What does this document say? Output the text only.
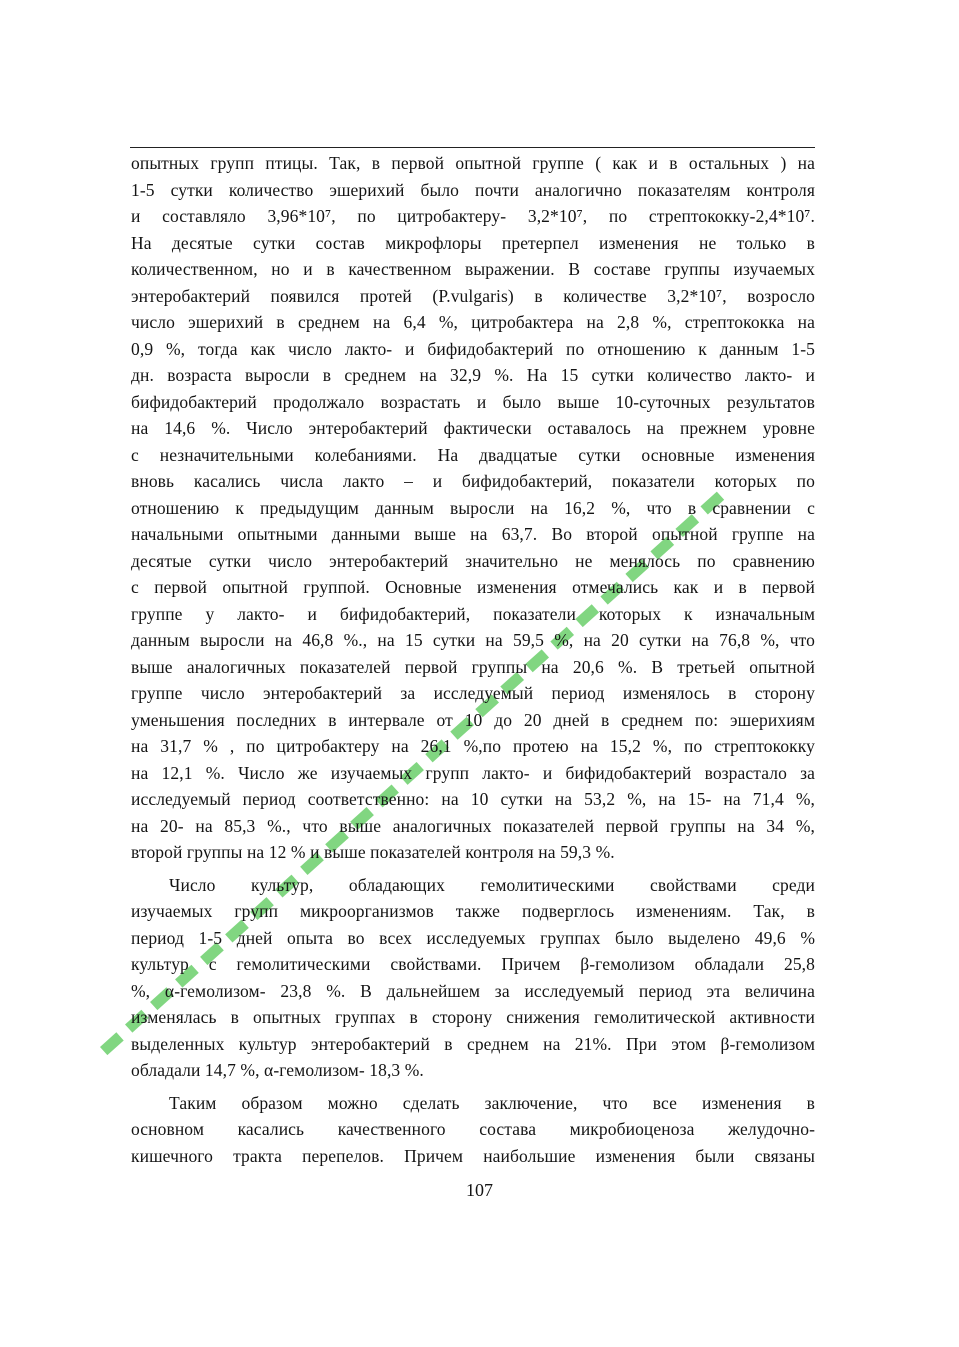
опытных групп птицы. Так, в первой опытной группе ( как и в остальных ) на
1-5 сутки количество эшерихий было почти аналогично показателям контроля
и составляло 3,96*10⁷, по цитробактеру- 3,2*10⁷, по стрептококку-2,4*10⁷.
На десятые сутки состав микрофлоры претерпел изменения не только в
количественном, но и в качественном выражении. В составе группы изучаемых
энтеробактерий появился протей (P.vulgaris) в количестве 3,2*10⁷, возросло
число эшерихий в среднем на 6,4 %, цитробактера на 2,8 %, стрептококка на
0,9 %, тогда как число лакто- и бифидобактерий по отношению к данным 1-5
дн. возраста выросли в среднем на 32,9 %. На 15 сутки количество лакто- и
бифидобактерий продолжало возрастать и было выше 10-суточных результатов
на 14,6 %. Число энтеробактерий фактически оставалось на прежнем уровне
с незначительными колебаниями. На двадцатые сутки основные изменения
вновь касались числа лакто – и бифидобактерий, показатели которых по
отношению к предыдущим данным выросли на 16,2 %, что в сравнении с
начальными опытными данными выше на 63,7. Во второй опытной группе на
десятые сутки число энтеробактерий значительно не менялось по сравнению
с первой опытной группой. Основные изменения отмечались как и в первой
группе у лакто- и бифидобактерий, показатели которых к изначальным
данным выросли на 46,8 %., на 15 сутки на 59,5 %, на 20 сутки на 76,8 %, что
выше аналогичных показателей первой группы на 20,6 %. В третьей опытной
группе число энтеробактерий за исследуемый период изменялось в сторону
уменьшения последних в интервале от 10 до 20 дней в среднем по: эшерихиям
на 31,7 % , по цитробактеру на 26,1 %,по протею на 15,2 %, по стрептококку
на 12,1 %. Число же изучаемых групп лакто- и бифидобактерий возрастало за
исследуемый период соответственно: на 10 сутки на 53,2 %, на 15- на 71,4 %,
на 20- на 85,3 %., что выше аналогичных показателей первой группы на 34 %,
второй группы на 12 % и выше показателей контроля на 59,3 %.
Число культур, обладающих гемолитическими свойствами среди
изучаемых групп микроорганизмов также подверглось изменениям. Так, в
период 1-5 дней опыта во всех исследуемых группах было выделено 49,6 %
культур с гемолитическими свойствами. Причем β-гемолизом обладали 25,8
%, α-гемолизом- 23,8 %. В дальнейшем за исследуемый период эта величина
изменялась в опытных группах в сторону снижения гемолитической активности
выделенных культур энтеробактерий в среднем на 21%. При этом β-гемолизом
обладали 14,7 %, α-гемолизом- 18,3 %.
Таким образом можно сделать заключение, что все изменения в
основном касались качественного состава микробиоценоза желудочно-
кишечного тракта перепелов. Причем наибольшие изменения были связаны
107
